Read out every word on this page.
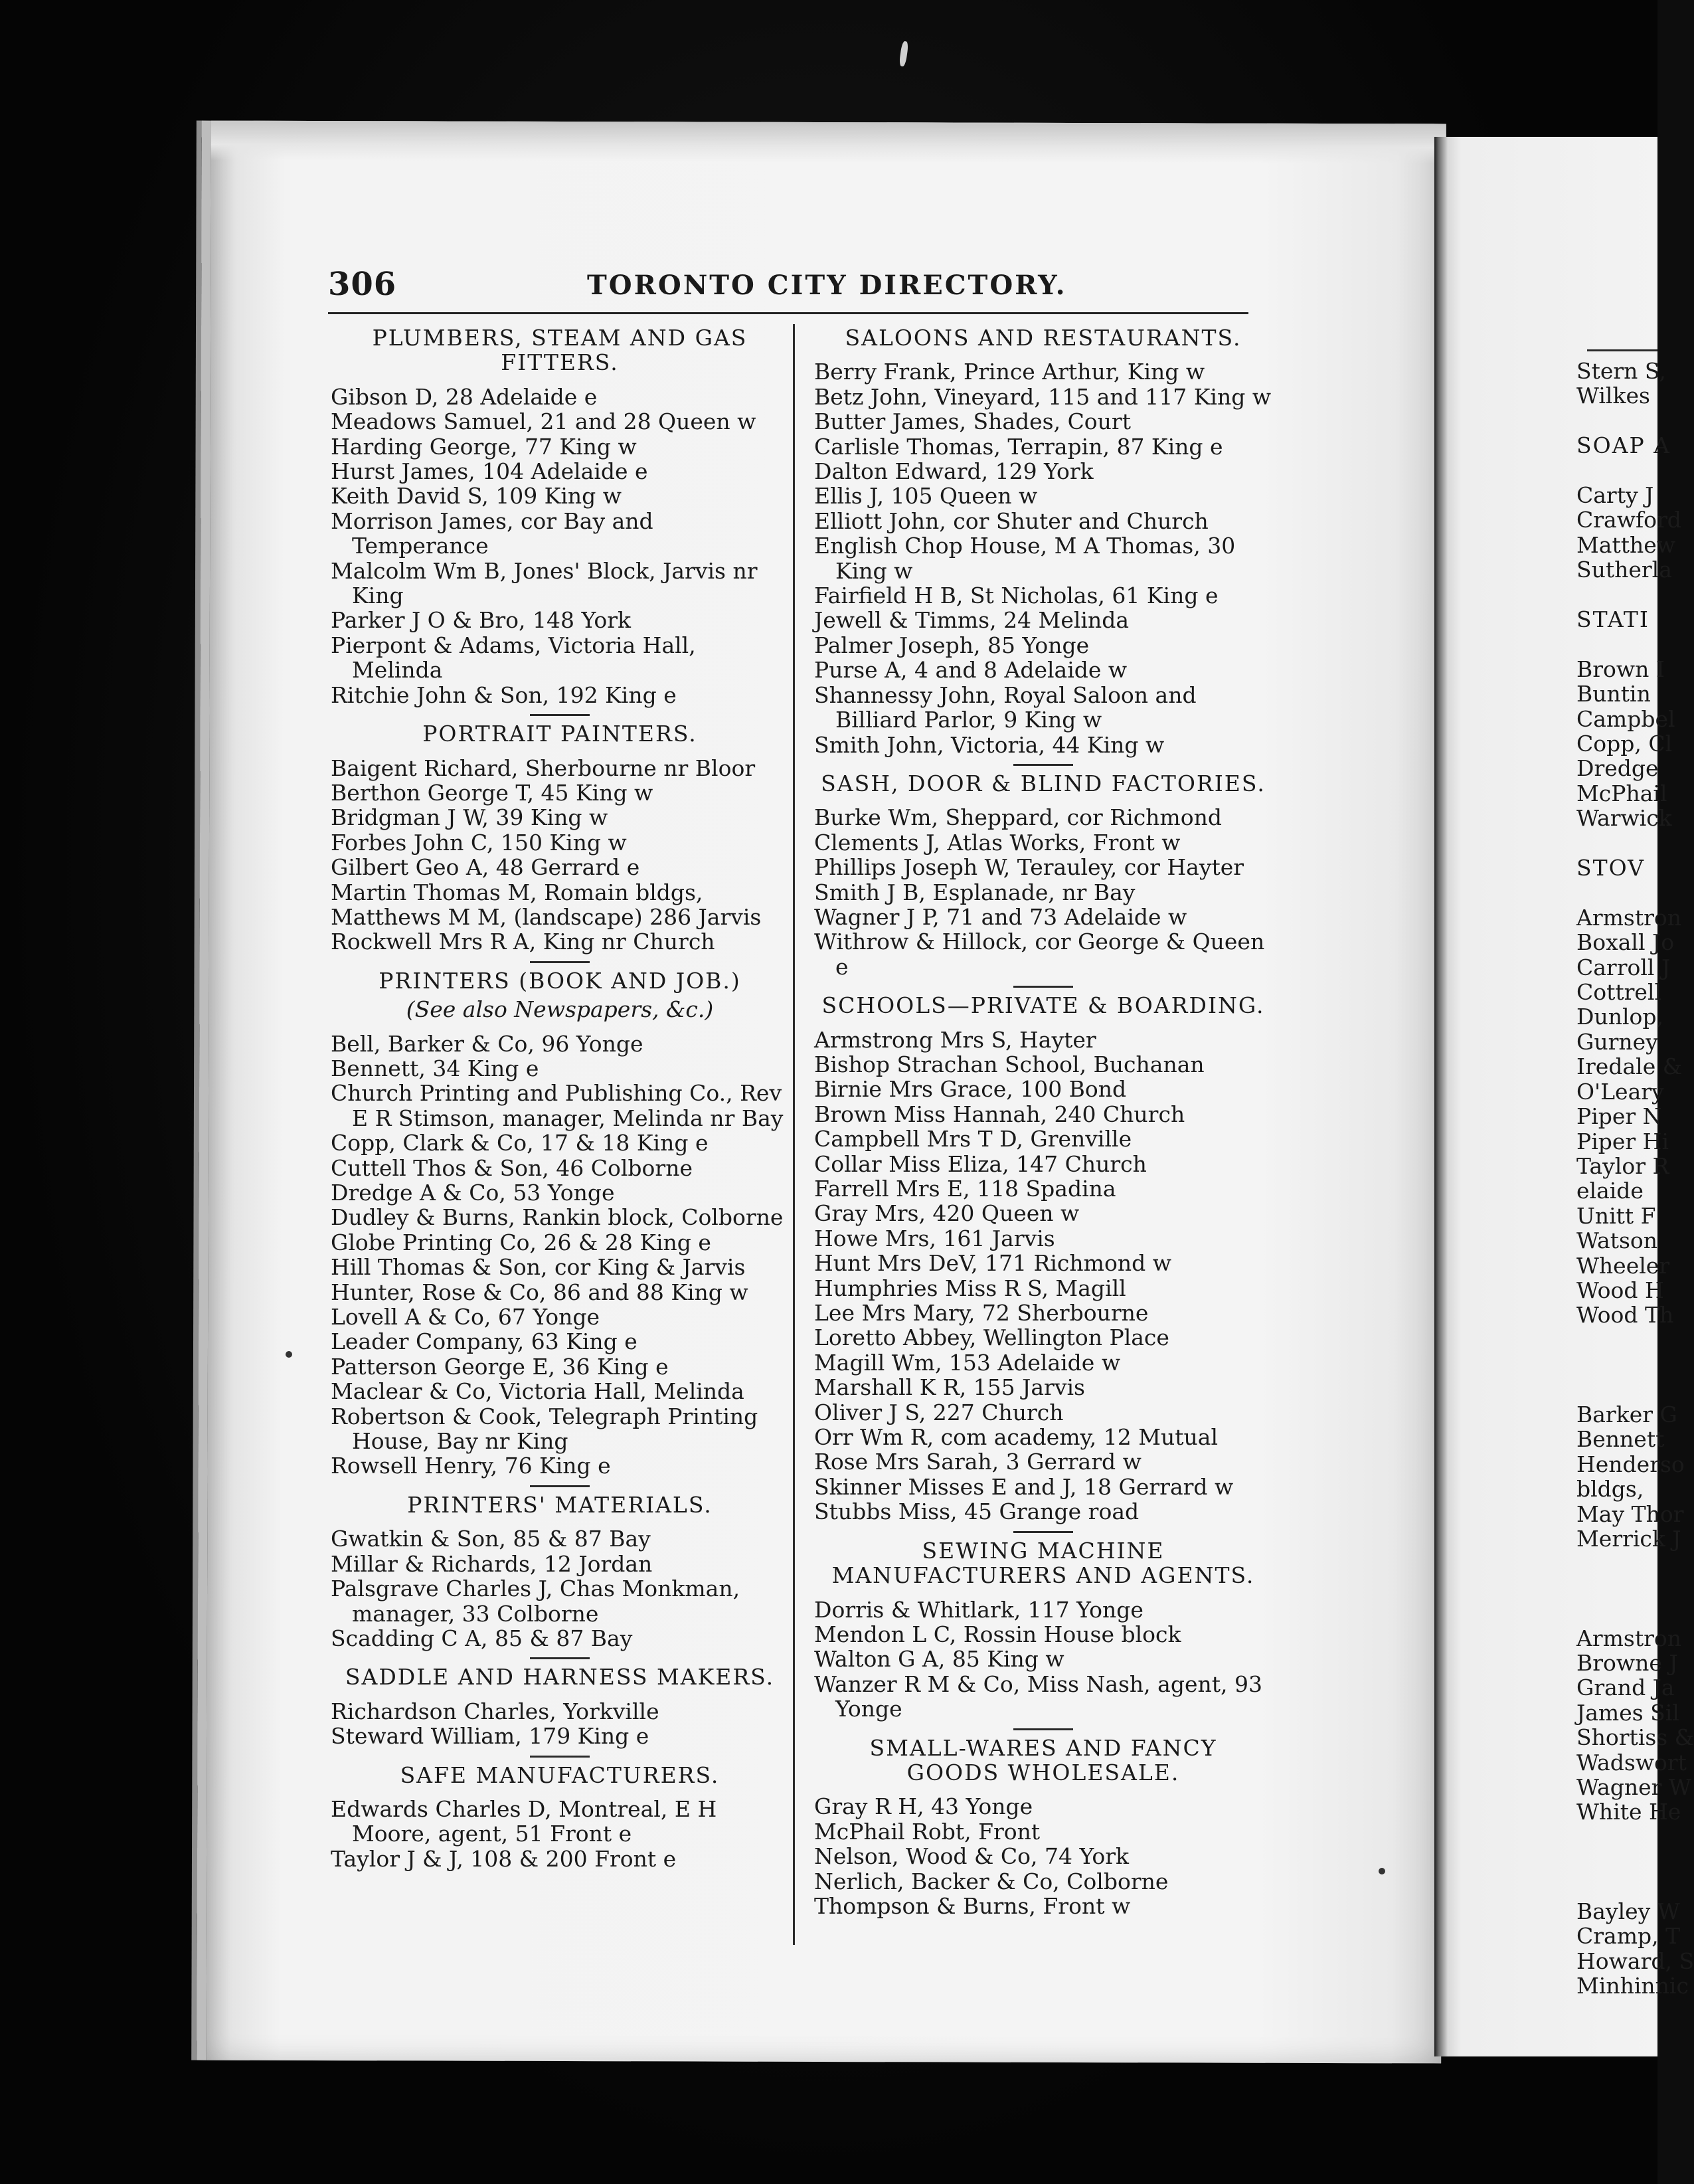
306	TORONTO CITY DIRECTORY.

PLUMBERS, STEAM AND GAS FITTERS.

Gibson D, 28 Adelaide e

Meadows Samuel, 21 and 28 Queen w

Harding George, 77 King w

Hurst James, 104 Adelaide e

Keith David S, 109 King w

Morrison James, cor Bay and Temperance

Malcolm Wm B, Jones' Block, Jarvis nr King

Parker J O & Bro, 148 York

Pierpont & Adams, Victoria Hall, Melinda

Ritchie John & Son, 192 King e

PORTRAIT PAINTERS.

Baigent Richard, Sherbourne nr Bloor

Berthon George T, 45 King w

Bridgman J W, 39 King w

Forbes John C, 150 King w

Gilbert Geo A, 48 Gerrard e

Martin Thomas M, Romain bldgs,

Matthews M M, (landscape) 286 Jarvis

Rockwell Mrs R A, King nr Church

PRINTERS (BOOK AND JOB.)

(See also Newspapers, &c.)

Bell, Barker & Co, 96 Yonge

Bennett, 34 King e

Church Printing and Publishing Co., Rev E R Stimson, manager, Melinda nr Bay

Copp, Clark & Co, 17 & 18 King e

Cuttell Thos & Son, 46 Colborne

Dredge A & Co, 53 Yonge

Dudley & Burns, Rankin block, Colborne

Globe Printing Co, 26 & 28 King e

Hill Thomas & Son, cor King & Jarvis

Hunter, Rose & Co, 86 and 88 King w

Lovell A & Co, 67 Yonge

Leader Company, 63 King e

Patterson George E, 36 King e

Maclear & Co, Victoria Hall, Melinda

Robertson & Cook, Telegraph Printing House, Bay nr King

Rowsell Henry, 76 King e

PRINTERS' MATERIALS.

Gwatkin & Son, 85 & 87 Bay

Millar & Richards, 12 Jordan

Palsgrave Charles J, Chas Monkman, manager, 33 Colborne

Scadding C A, 85 & 87 Bay

SADDLE AND HARNESS MAKERS.

Richardson Charles, Yorkville

Steward William, 179 King e

SAFE MANUFACTURERS.

Edwards Charles D, Montreal, E H Moore, agent, 51 Front e

Taylor J & J, 108 & 200 Front e

SALOONS AND RESTAURANTS.

Berry Frank, Prince Arthur, King w

Betz John, Vineyard, 115 and 117 King w

Butter James, Shades, Court

Carlisle Thomas, Terrapin, 87 King e

Dalton Edward, 129 York

Ellis J, 105 Queen w

Elliott John, cor Shuter and Church

English Chop House, M A Thomas, 30 King w

Fairfield H B, St Nicholas, 61 King e

Jewell & Timms, 24 Melinda

Palmer Joseph, 85 Yonge

Purse A, 4 and 8 Adelaide w

Shannessy John, Royal Saloon and Billiard Parlor, 9 King w

Smith John, Victoria, 44 King w

SASH, DOOR & BLIND FACTORIES.

Burke Wm, Sheppard, cor Richmond

Clements J, Atlas Works, Front w

Phillips Joseph W, Terauley, cor Hayter

Smith J B, Esplanade, nr Bay

Wagner J P, 71 and 73 Adelaide w

Withrow & Hillock, cor George & Queen e

SCHOOLS—PRIVATE & BOARDING.

Armstrong Mrs S, Hayter

Bishop Strachan School, Buchanan

Birnie Mrs Grace, 100 Bond

Brown Miss Hannah, 240 Church

Campbell Mrs T D, Grenville

Collar Miss Eliza, 147 Church

Farrell Mrs E, 118 Spadina

Gray Mrs, 420 Queen w

Howe Mrs, 161 Jarvis

Hunt Mrs DeV, 171 Richmond w

Humphries Miss R S, Magill

Lee Mrs Mary, 72 Sherbourne

Loretto Abbey, Wellington Place

Magill Wm, 153 Adelaide w

Marshall K R, 155 Jarvis

Oliver J S, 227 Church

Orr Wm R, com academy, 12 Mutual

Rose Mrs Sarah, 3 Gerrard w

Skinner Misses E and J, 18 Gerrard w

Stubbs Miss, 45 Grange road

SEWING MACHINE MANUFACTURERS AND AGENTS.

Dorris & Whitlark, 117 Yonge

Mendon L C, Rossin House block

Walton G A, 85 King w

Wanzer R M & Co, Miss Nash, agent, 93 Yonge

SMALL-WARES AND FANCY GOODS WHOLESALE.

Gray R H, 43 Yonge

McPhail Robt, Front

Nelson, Wood & Co, 74 York

Nerlich, Backer & Co, Colborne

Thompson & Burns, Front w

Stern S,

Wilkes

SOAP A

Carty J

Crawford

Matthew

Sutherla

STATI

Brown I

Buntin

Campbel

Copp, Cl

Dredge

McPhail

Warwick

STOV

Armstron

Boxall Jo

Carroll J

Cottrell

Dunlop,

Gurney

Iredale &

O'Leary

Piper N

Piper Hi

Taylor R

elaide

Unitt F

Watson

Wheeler

Wood H

Wood Th

Barker G

Bennett

Henderso

bldgs,

May Thor

Merrick J

Armstron

Browne J

Grand Ja

James Sil

Shortiss &

Wadswort

Wagner W

White He

Bayley W

Cramp, T

Howard, S

Minhinnic
